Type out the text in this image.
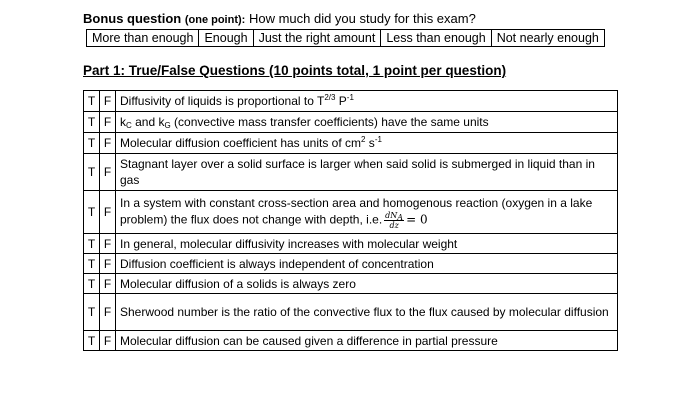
Bonus question (one point): How much did you study for this exam?
More than enough	Enough	Just the right amount	Less than enough	Not nearly enough
Part 1: True/False Questions (10 points total, 1 point per question)
T	F	Diffusivity of liquids is proportional to $T^{2/3}$ $P^{-1}$
T	F	$k_C$ and $k_G$ (convective mass transfer coefficients) have the same units
T	F	Molecular diffusion coefficient has units of $cm^2$ $s^{-1}$
T	F	Stagnant layer over a solid surface is larger when said solid is submerged in liquid than in gas
T	F	In a system with constant cross-section area and homogenous reaction (oxygen in a lake problem) the flux does not change with depth, i.e. $\frac{dN_A}{dz} = 0$
T	F	In general, molecular diffusivity increases with molecular weight
T	F	Diffusion coefficient is always independent of concentration
T	F	Molecular diffusion of a solids is always zero
T	F	Sherwood number is the ratio of the convective flux to the flux caused by molecular diffusion
T	F	Molecular diffusion can be caused given a difference in partial pressure
